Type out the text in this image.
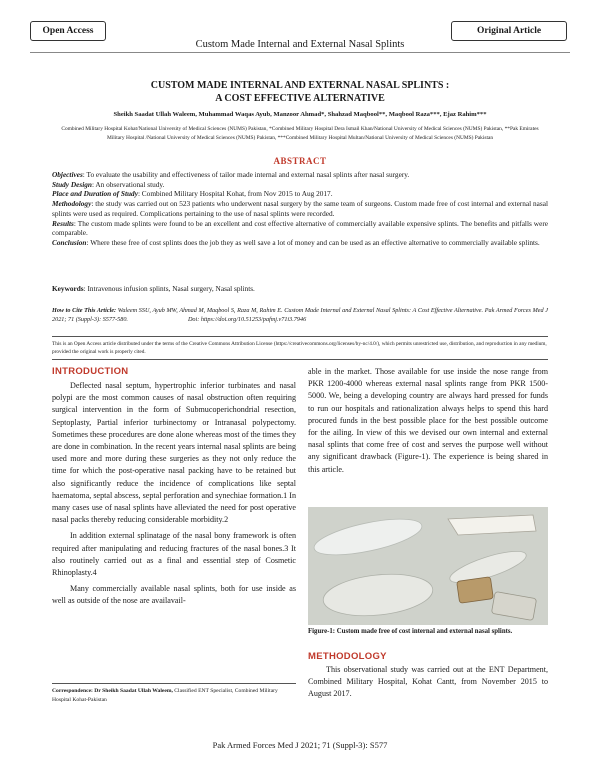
Open Access	Original Article
Custom Made Internal and External Nasal Splints
CUSTOM MADE INTERNAL AND EXTERNAL NASAL SPLINTS :
A COST EFFECTIVE ALTERNATIVE
Sheikh Saadat Ullah Waleem, Muhammad Waqas Ayub, Manzoor Ahmad*, Shahzad Maqbool**, Maqbool Raza***, Ejaz Rahim***
Combined Military Hospital Kohat/National University of Medical Sciences (NUMS) Pakistan, *Combined Military Hospital Dera Ismail Khan/National University of Medical Sciences (NUMS) Pakistan, **Pak Emirates Military Hospital /National University of Medical Sciences (NUMS) Pakistan, ***Combined Military Hospital Multan/National University of Medical Sciences (NUMS) Pakistan
ABSTRACT

Objectives: To evaluate the usability and effectiveness of tailor made internal and external nasal splints after nasal surgery.

Study Design: An observational study.

Place and Duration of Study: Combined Military Hospital Kohat, from Nov 2015 to Aug 2017.

Methodology: the study was carried out on 523 patients who underwent nasal surgery by the same team of surgeons. Custom made free of cost internal and external nasal splints were used as required. Complications pertaining to the use of nasal splints were recorded.

Results: The custom made splints were found to be an excellent and cost effective alternative of commercially available expensive splints. The benefits and pitfalls were comparable.

Conclusion: Where these free of cost splints does the job they as well save a lot of money and can be used as an effective alternative to commercially available splints.

Keywords: Intravenous infusion splints, Nasal surgery, Nasal splints.
How to Cite This Article: Waleem SSU, Ayub MW, Ahmad M, Maqbool S, Raza M, Rahim E. Custom Made Internal and External Nasal Splints: A Cost Effective Alternative. Pak Armed Forces Med J 2021; 71 (Suppl-3): S577-580.	Doi: https://doi.org/10.51253/pafmj.v71i3.7946
This is an Open Access article distributed under the terms of the Creative Commons Attribution License (https://creativecommons.org/licenses/by-nc/4.0/), which permits unrestricted use, distribution, and reproduction in any medium, provided the original work is properly cited.
INTRODUCTION

Deflected nasal septum, hypertrophic inferior turbinates and nasal polypi are the most common causes of nasal obstruction often requiring surgical intervention in the form of Submucoperichondrial resection, Septoplasty, Partial inferior turbinectomy or Intranasal polypectomy. Sometimes these procedures are done alone whereas most of the times they are done in combination. In the recent years internal nasal splints are being used more and more during these surgeries as they not only reduce the time for which the post-operative nasal packing have to be retained but also significantly reduce the incidence of complications like septal haematoma, septal abscess, septal perforation and synechiae formation.1 In many cases use of nasal splints have alleviated the need for post operative nasal packs thereby reducing considerable morbidity.2

In addition external splinatage of the nasal bony framework is often required after manipulating and reducing fractures of the nasal bones.3 It also routinely carried out as a final and essential step of Cosmetic Rhinoplasty.4

Many commercially available nasal splints, both for use inside as well as outside of the nose are availavail-

able in the market. Those available for use inside the nose range from PKR 1200-4000 whereas external nasal splints range from PKR 1500-5000. We, being a developing country are always hard pressed for funds to run our hospitals and rationalization always helps to spend this hard procured funds in the best possible place for the best possible outcome for the ailing. In view of this we devised our own internal and external nasal splints that come free of cost and serves the purpose well without any significant drawback (Figure-1). The experience is being shared in this article.
Figure-1: Custom made free of cost internal and external nasal splints.
METHODOLOGY
This observational study was carried out at the ENT Department, Combined Military Hospital, Kohat Cantt, from November 2015 to August 2017.
Correspondence: Dr Sheikh Saadat Ullah Waleem, Classified ENT Specialist, Combined Military Hospital Kohat-Pakistan
Pak Armed Forces Med J 2021; 71 (Suppl-3): S577
